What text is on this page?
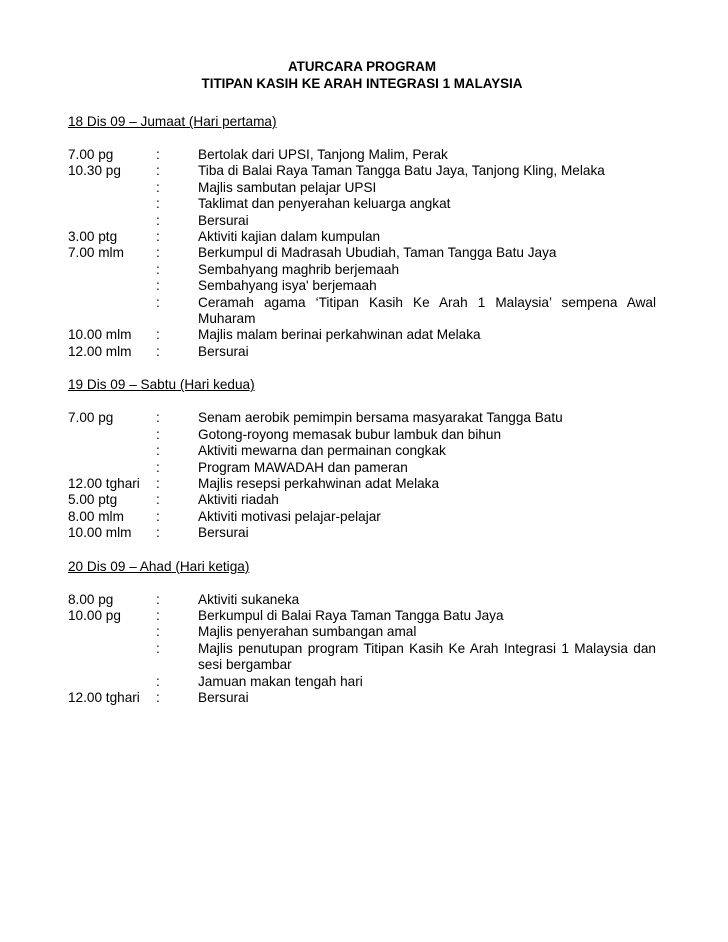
ATURCARA PROGRAM
TITIPAN KASIH KE ARAH INTEGRASI 1 MALAYSIA
18 Dis 09 – Jumaat (Hari pertama)
7.00 pg	:	Bertolak dari UPSI, Tanjong Malim, Perak
10.30 pg	:	Tiba di Balai Raya Taman Tangga Batu Jaya, Tanjong Kling, Melaka
:	Majlis sambutan pelajar UPSI
:	Taklimat dan penyerahan keluarga angkat
:	Bersurai
3.00 ptg	:	Aktiviti kajian dalam kumpulan
7.00 mlm	:	Berkumpul di Madrasah Ubudiah, Taman Tangga Batu Jaya
:	Sembahyang maghrib berjemaah
:	Sembahyang isya' berjemaah
:	Ceramah agama ‘Titipan Kasih Ke Arah 1 Malaysia’ sempena Awal Muharam
10.00 mlm	:	Majlis malam berinai perkahwinan adat Melaka
12.00 mlm	:	Bersurai
19 Dis 09 – Sabtu (Hari kedua)
7.00 pg	:	Senam aerobik pemimpin bersama masyarakat Tangga Batu
:	Gotong-royong memasak bubur lambuk dan bihun
:	Aktiviti mewarna dan permainan congkak
:	Program MAWADAH dan pameran
12.00 tghari	:	Majlis resepsi perkahwinan adat Melaka
5.00 ptg	:	Aktiviti riadah
8.00 mlm	:	Aktiviti motivasi pelajar-pelajar
10.00 mlm	:	Bersurai
20 Dis 09 – Ahad (Hari ketiga)
8.00 pg	:	Aktiviti sukaneka
10.00 pg	:	Berkumpul di Balai Raya Taman Tangga Batu Jaya
:	Majlis penyerahan sumbangan amal
:	Majlis penutupan program Titipan Kasih Ke Arah Integrasi 1 Malaysia dan sesi bergambar
:	Jamuan makan tengah hari
12.00 tghari	:	Bersurai
